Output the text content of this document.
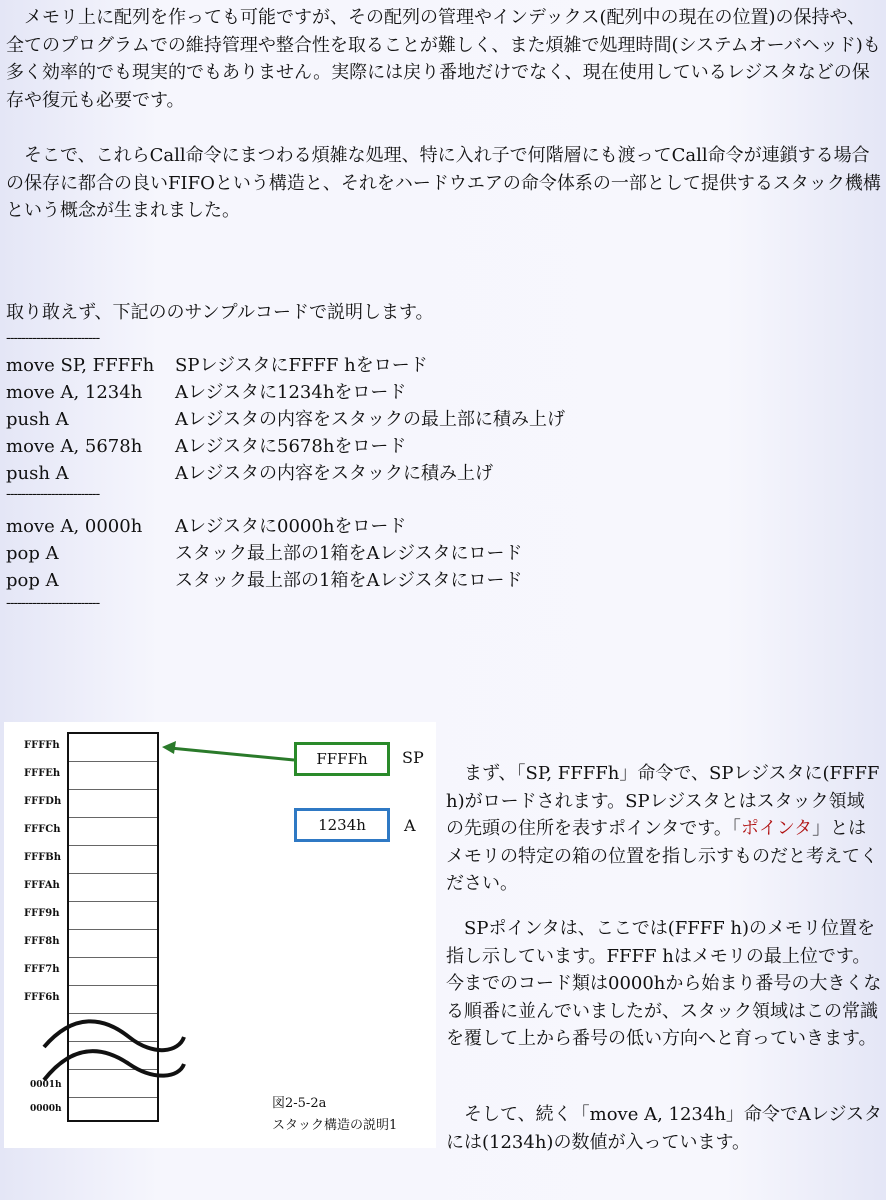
メモリ上に配列を作っても可能ですが、その配列の管理やインデックス(配列中の現在の位置)の保持や、全てのプログラムでの維持管理や整合性を取ることが難しく、また煩雑で処理時間(システムオーバヘッド)も多く効率的でも現実的でもありません。実際には戻り番地だけでなく、現在使用しているレジスタなどの保存や復元も必要です。

そこで、これらCall命令にまつわる煩雑な処理、特に入れ子で何階層にも渡ってCall命令が連鎖する場合の保存に都合の良いFIFOという構造と、それをハードウエアの命令体系の一部として提供するスタック機構という概念が生まれました。

取り敢えず、下記ののサンプルコードで説明します。
-------------------------
-------------------------
-------------------------
FFFFh
FFFEh
FFFDh
FFFCh
FFFBh
FFFAh
FFF9h
FFF8h
FFF7h
FFF6h
0001h
0000h
FFFFh	SP
1234h	A
図2-5-2a
スタック構造の説明1

まず、「SP, FFFFh」命令で、SPレジスタに(FFFF h)がロードされます。SPレジスタとはスタック領域の先頭の住所を表すポインタです。「ポインタ」とはメモリの特定の箱の位置を指し示すものだと考えてください。

SPポインタは、ここでは(FFFF h)のメモリ位置を指し示しています。FFFF hはメモリの最上位です。今までのコード類は0000hから始まり番号の大きくなる順番に並んでいましたが、スタック領域はこの常識を覆して上から番号の低い方向へと育っていきます。

そして、続く「move A, 1234h」命令でAレジスタには(1234h)の数値が入っています。

move SP, FFFFh SPレジスタにFFFF hをロード
move A, 1234h Aレジスタに1234hをロード
push A	Aレジスタの内容をスタックの最上部に積み上げ
move A, 5678h Aレジスタに5678hをロード
push A	Aレジスタの内容をスタックに積み上げ
move A, 0000h Aレジスタに0000hをロード
pop A	スタック最上部の1箱をAレジスタにロード
pop A	スタック最上部の1箱をAレジスタにロード
